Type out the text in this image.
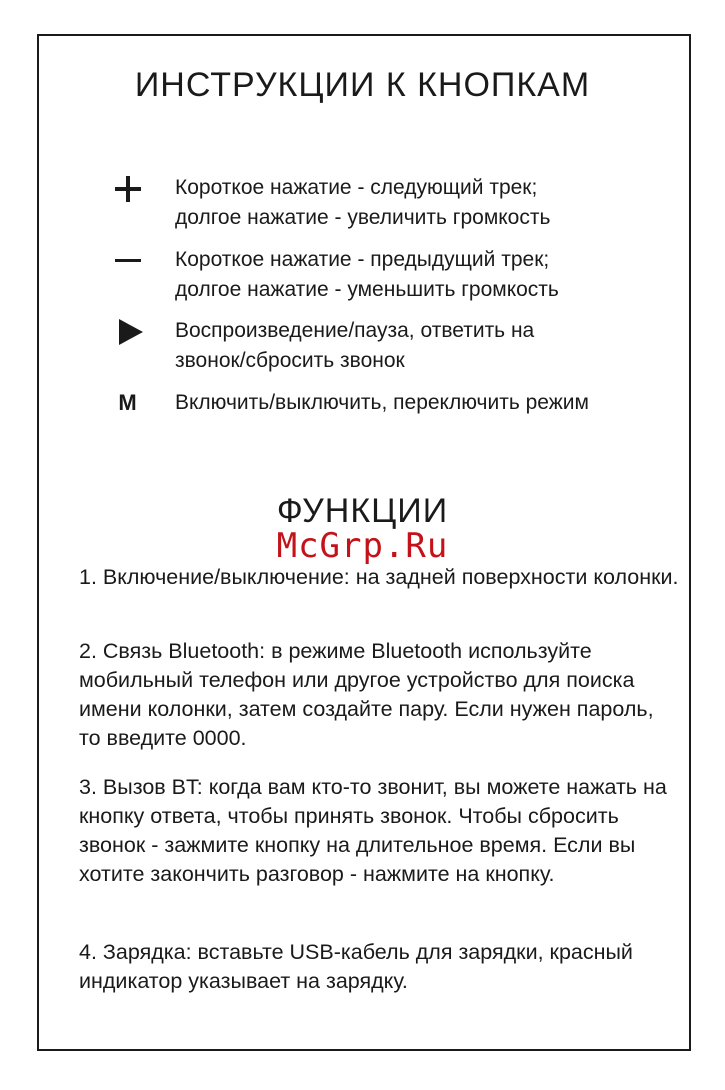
ИНСТРУКЦИИ К КНОПКАМ
Короткое нажатие - следующий трек;
долгое нажатие - увеличить громкость
Короткое нажатие - предыдущий трек;
долгое нажатие - уменьшить громкость
Воспроизведение/пауза, ответить на
звонок/сбросить звонок
M Включить/выключить, переключить режим
ФУНКЦИИ
McGrp.Ru
1. Включение/выключение: на задней поверхности колонки.
2. Связь Bluetooth: в режиме Bluetooth используйте мобильный телефон или другое устройство для поиска имени колонки, затем создайте пару. Если нужен пароль, то введите 0000.
3. Вызов BT: когда вам кто-то звонит, вы можете нажать на кнопку ответа, чтобы принять звонок. Чтобы сбросить звонок - зажмите кнопку на длительное время. Если вы хотите закончить разговор - нажмите на кнопку.
4. Зарядка: вставьте USB-кабель для зарядки, красный индикатор указывает на зарядку.
